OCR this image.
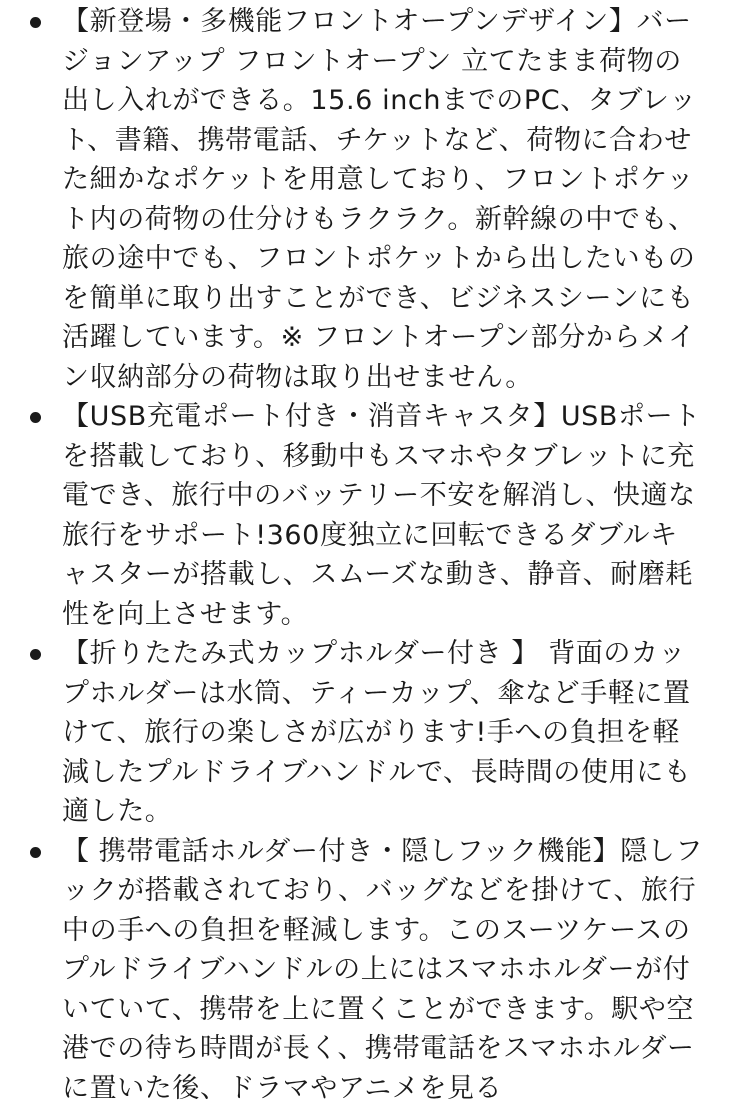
【新登場・多機能フロントオープンデザイン】バージョンアップ フロントオープン 立てたまま荷物の出し入れができる。15.6 inchまでのPC、タブレット、書籍、携帯電話、チケットなど、荷物に合わせた細かなポケットを用意しており、フロントポケット内の荷物の仕分けもラクラク。新幹線の中でも、旅の途中でも、フロントポケットから出したいものを簡単に取り出すことができ、ビジネスシーンにも活躍しています。※ フロントオープン部分からメイン収納部分の荷物は取り出せません。
【USB充電ポート付き・消音キャスタ】USBポートを搭載しており、移動中もスマホやタブレットに充電でき、旅行中のバッテリー不安を解消し、快適な旅行をサポート!360度独立に回転できるダブルキャスターが搭載し、スムーズな動き、静音、耐磨耗性を向上させます。
【折りたたみ式カップホルダー付き 】 背面のカップホルダーは水筒、ティーカップ、傘など手軽に置けて、旅行の楽しさが広がります!手への負担を軽減したプルドライブハンドルで、長時間の使用にも適した。
【 携帯電話ホルダー付き・隠しフック機能】隠しフックが搭載されており、バッグなどを掛けて、旅行中の手への負担を軽減します。このスーツケースのプルドライブハンドルの上にはスマホホルダーが付いていて、携帯を上に置くことができます。駅や空港での待ち時間が長く、携帯電話をスマホホルダーに置いた後、ドラマやアニメを見る
